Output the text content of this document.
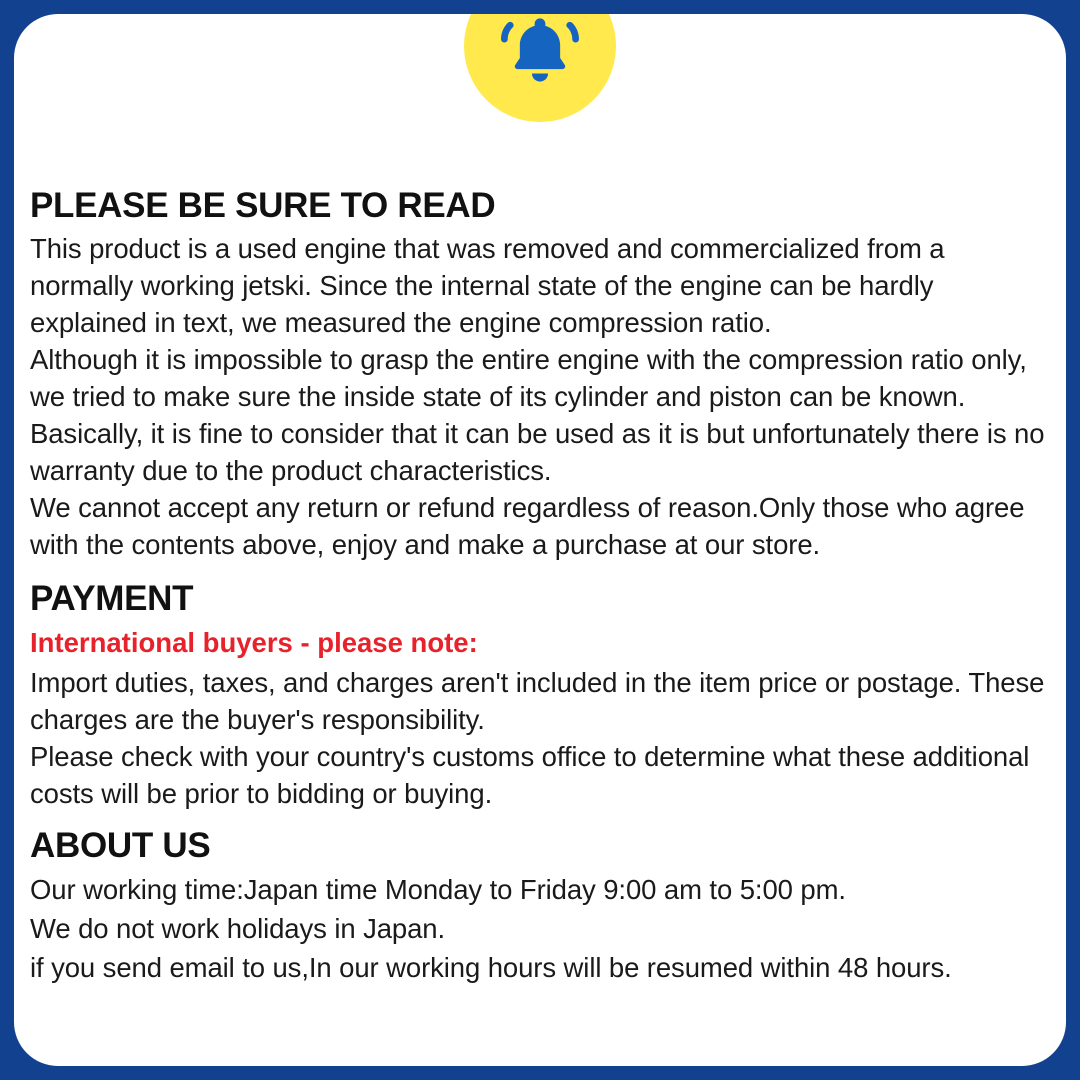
PLEASE BE SURE TO READ

This product is a used engine that was removed and commercialized from a normally working jetski. Since the internal state of the engine can be hardly explained in text, we measured the engine compression ratio.

Although it is impossible to grasp the entire engine with the compression ratio only, we tried to make sure the inside state of its cylinder and piston can be known.

Basically, it is fine to consider that it can be used as it is but unfortunately there is no warranty due to the product characteristics.

We cannot accept any return or refund regardless of reason.Only those who agree with the contents above, enjoy and make a purchase at our store.

PAYMENT

International buyers - please note:

Import duties, taxes, and charges aren't included in the item price or postage. These charges are the buyer's responsibility.

Please check with your country's customs office to determine what these additional costs will be prior to bidding or buying.

ABOUT US

Our working time:Japan time Monday to Friday 9:00 am to 5:00 pm.

We do not work holidays in Japan.

if you send email to us,In our working hours will be resumed within 48 hours.
